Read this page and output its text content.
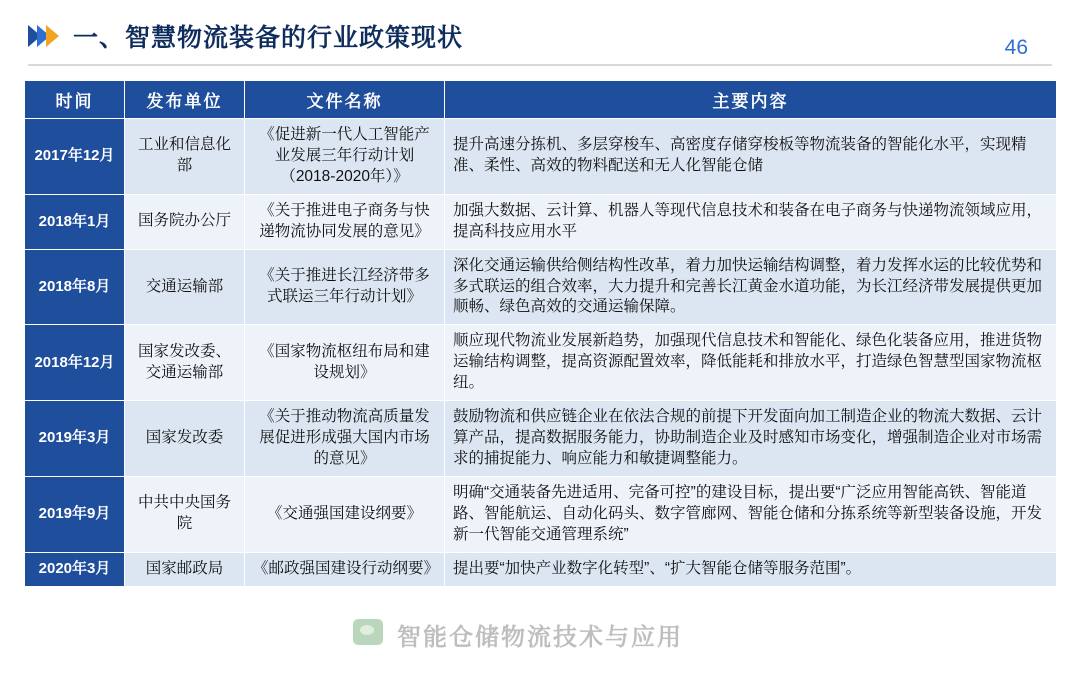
一、智慧物流装备的行业政策现状	46
时间	发布单位	文件名称	主要内容
2017年12月	工业和信息化部	《促进新一代人工智能产业发展三年行动计划（2018-2020年）》	提升高速分拣机、多层穿梭车、高密度存储穿梭板等物流装备的智能化水平，实现精准、柔性、高效的物料配送和无人化智能仓储
2018年1月	国务院办公厅	《关于推进电子商务与快递物流协同发展的意见》	加强大数据、云计算、机器人等现代信息技术和装备在电子商务与快递物流领域应用，提高科技应用水平
2018年8月	交通运输部	《关于推进长江经济带多式联运三年行动计划》	深化交通运输供给侧结构性改革，着力加快运输结构调整，着力发挥水运的比较优势和多式联运的组合效率，大力提升和完善长江黄金水道功能，为长江经济带发展提供更加顺畅、绿色高效的交通运输保障。
2018年12月	国家发改委、交通运输部	《国家物流枢纽布局和建设规划》	顺应现代物流业发展新趋势，加强现代信息技术和智能化、绿色化装备应用，推进货物运输结构调整，提高资源配置效率，降低能耗和排放水平，打造绿色智慧型国家物流枢纽。
2019年3月	国家发改委	《关于推动物流高质量发展促进形成强大国内市场的意见》	鼓励物流和供应链企业在依法合规的前提下开发面向加工制造企业的物流大数据、云计算产品，提高数据服务能力，协助制造企业及时感知市场变化，增强制造企业对市场需求的捕捉能力、响应能力和敏捷调整能力。
2019年9月	中共中央国务院	《交通强国建设纲要》	明确“交通装备先进适用、完备可控”的建设目标，提出要“广泛应用智能高铁、智能道路、智能航运、自动化码头、数字管廊网、智能仓储和分拣系统等新型装备设施，开发新一代智能交通管理系统”
2020年3月	国家邮政局	《邮政强国建设行动纲要》	提出要“加快产业数字化转型”、“扩大智能仓储等服务范围”。
智能仓储物流技术与应用
